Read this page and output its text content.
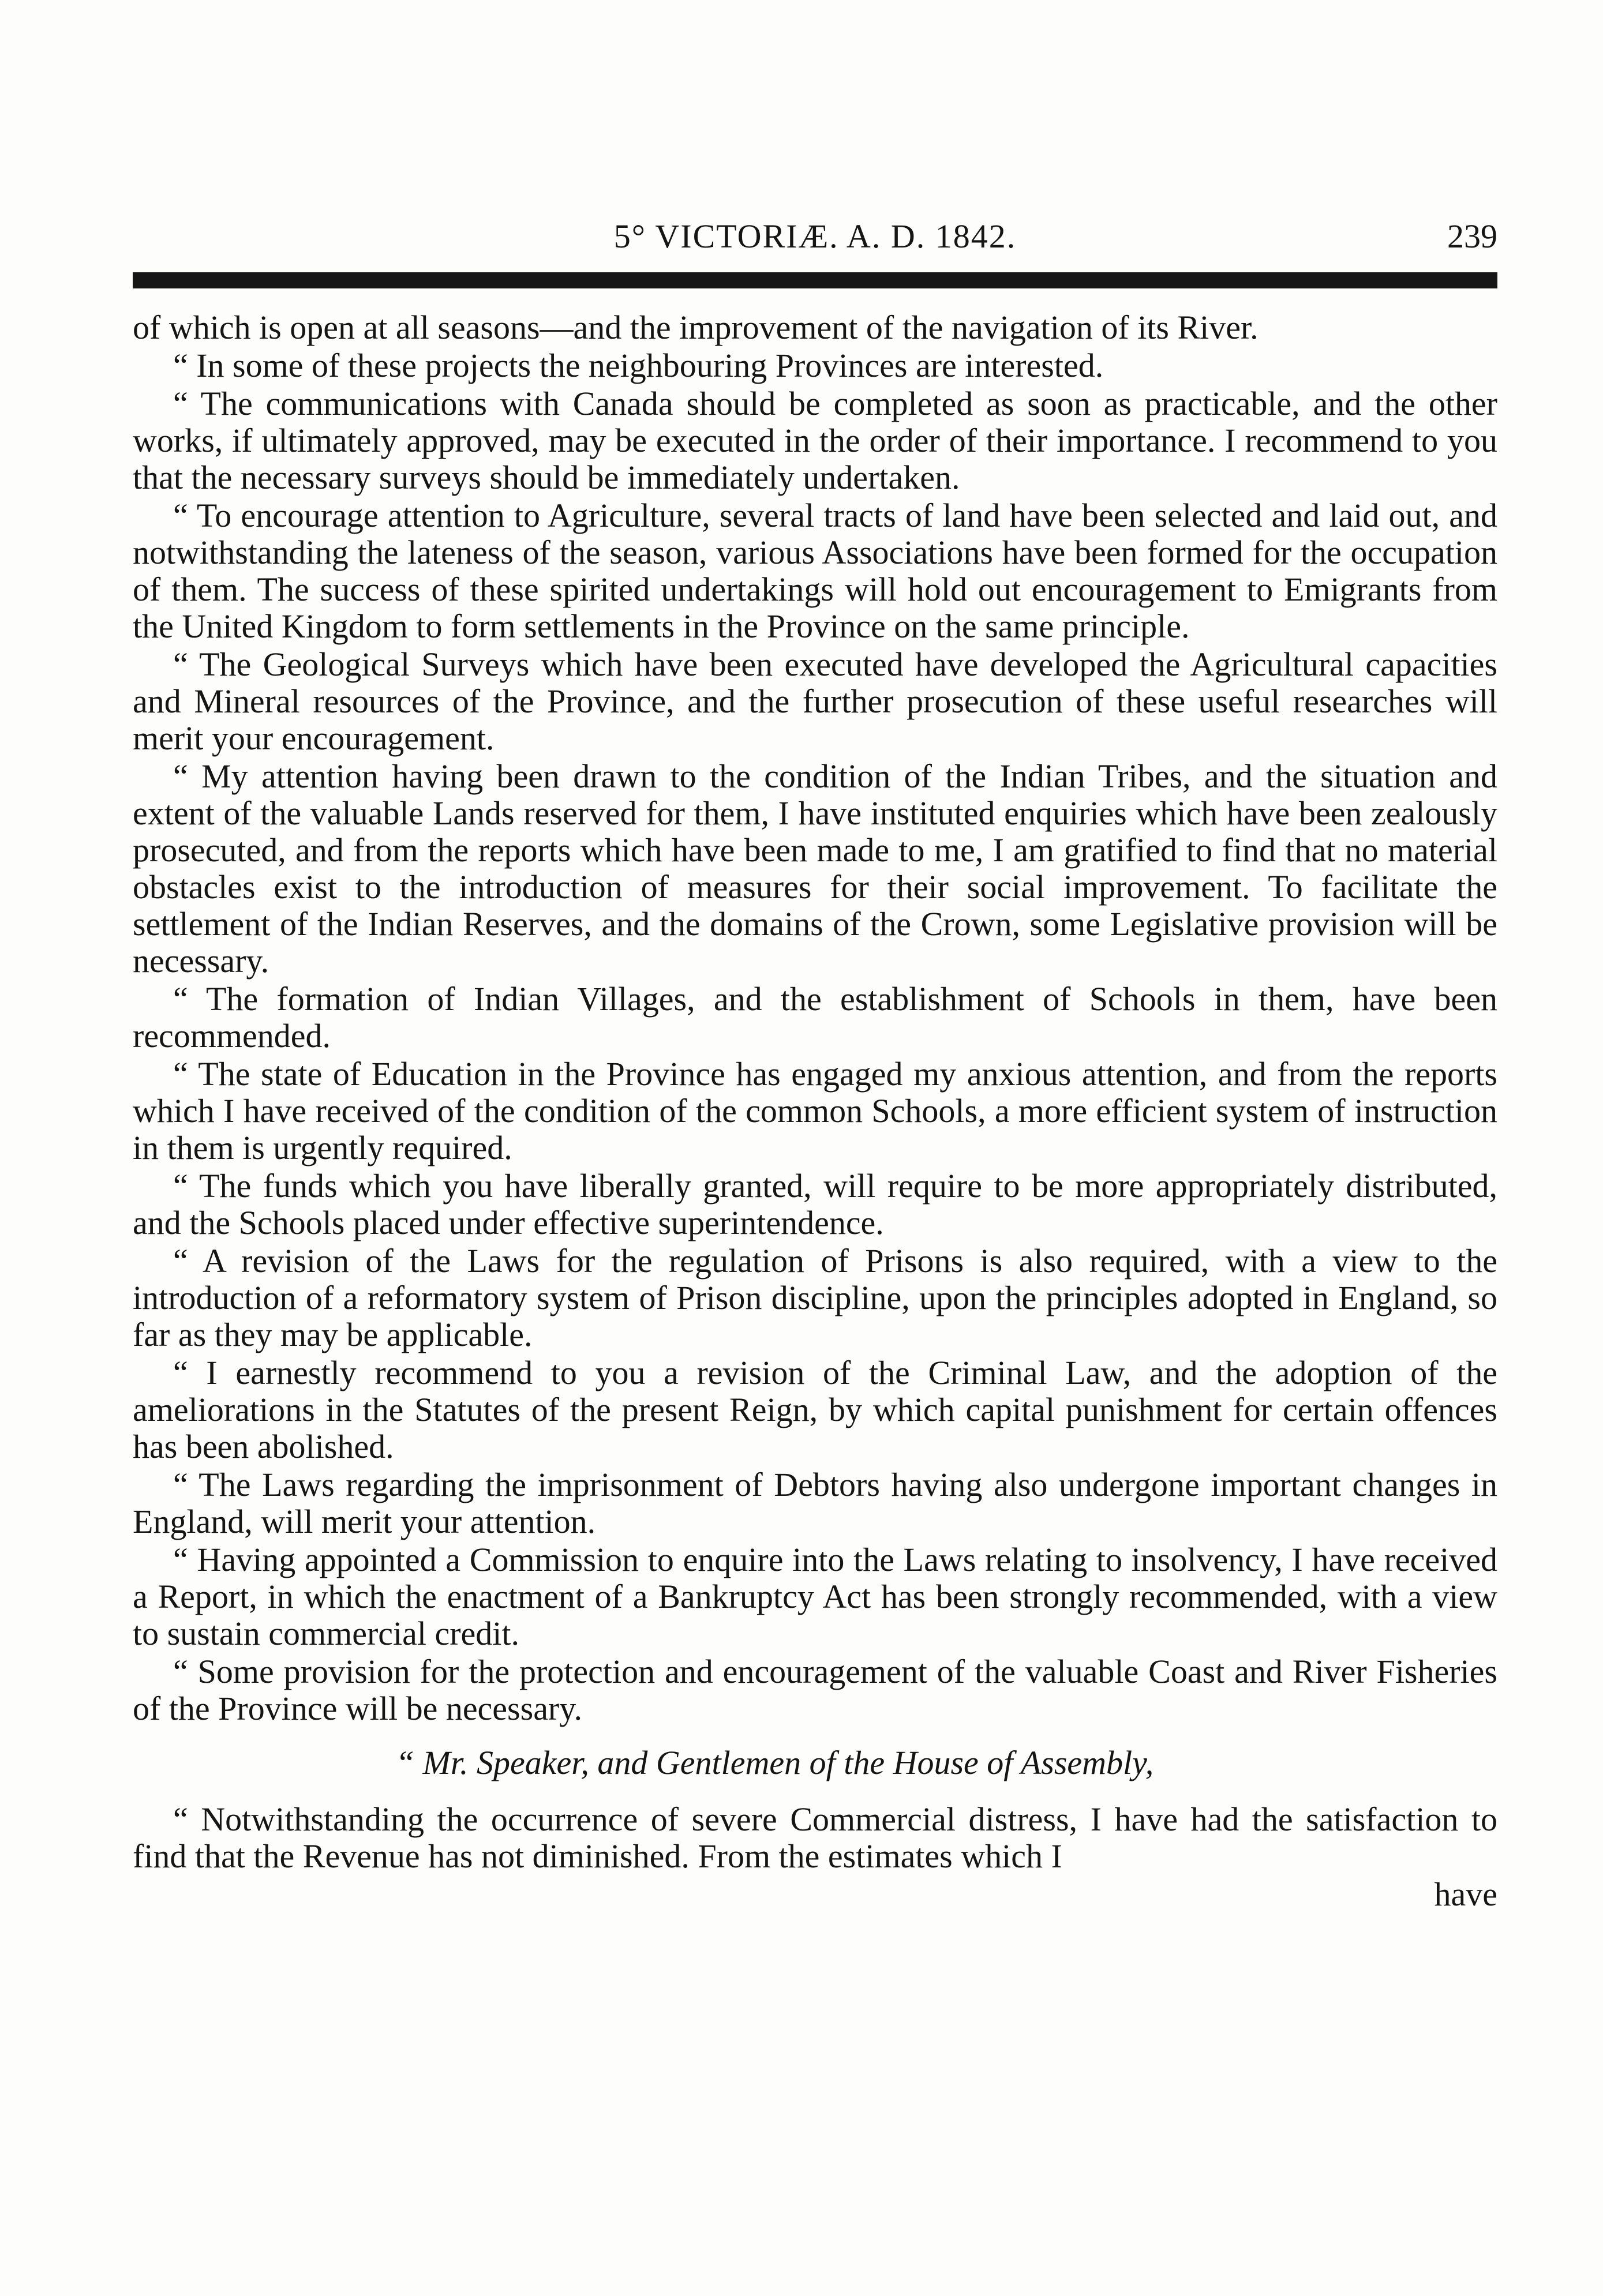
5° VICTORIÆ. A. D. 1842.	239

of which is open at all seasons—and the improvement of the navigation of its River.

“ In some of these projects the neighbouring Provinces are interested.

“ The communications with Canada should be completed as soon as practicable, and the other works, if ultimately approved, may be executed in the order of their importance. I recommend to you that the necessary surveys should be immediately undertaken.

“ To encourage attention to Agriculture, several tracts of land have been selected and laid out, and notwithstanding the lateness of the season, various Associations have been formed for the occupation of them. The success of these spirited undertakings will hold out encouragement to Emigrants from the United Kingdom to form settlements in the Province on the same principle.

“ The Geological Surveys which have been executed have developed the Agricultural capacities and Mineral resources of the Province, and the further prosecution of these useful researches will merit your encouragement.

“ My attention having been drawn to the condition of the Indian Tribes, and the situation and extent of the valuable Lands reserved for them, I have instituted enquiries which have been zealously prosecuted, and from the reports which have been made to me, I am gratified to find that no material obstacles exist to the introduction of measures for their social improvement. To facilitate the settlement of the Indian Reserves, and the domains of the Crown, some Legislative provision will be necessary.

“ The formation of Indian Villages, and the establishment of Schools in them, have been recommended.

“ The state of Education in the Province has engaged my anxious attention, and from the reports which I have received of the condition of the common Schools, a more efficient system of instruction in them is urgently required.

“ The funds which you have liberally granted, will require to be more appropriately distributed, and the Schools placed under effective superintendence.

“ A revision of the Laws for the regulation of Prisons is also required, with a view to the introduction of a reformatory system of Prison discipline, upon the principles adopted in England, so far as they may be applicable.

“ I earnestly recommend to you a revision of the Criminal Law, and the adoption of the ameliorations in the Statutes of the present Reign, by which capital punishment for certain offences has been abolished.

“ The Laws regarding the imprisonment of Debtors having also undergone important changes in England, will merit your attention.

“ Having appointed a Commission to enquire into the Laws relating to insolvency, I have received a Report, in which the enactment of a Bankruptcy Act has been strongly recommended, with a view to sustain commercial credit.

“ Some provision for the protection and encouragement of the valuable Coast and River Fisheries of the Province will be necessary.

“ Mr. Speaker, and Gentlemen of the House of Assembly,

“ Notwithstanding the occurrence of severe Commercial distress, I have had the satisfaction to find that the Revenue has not diminished. From the estimates which I

have
